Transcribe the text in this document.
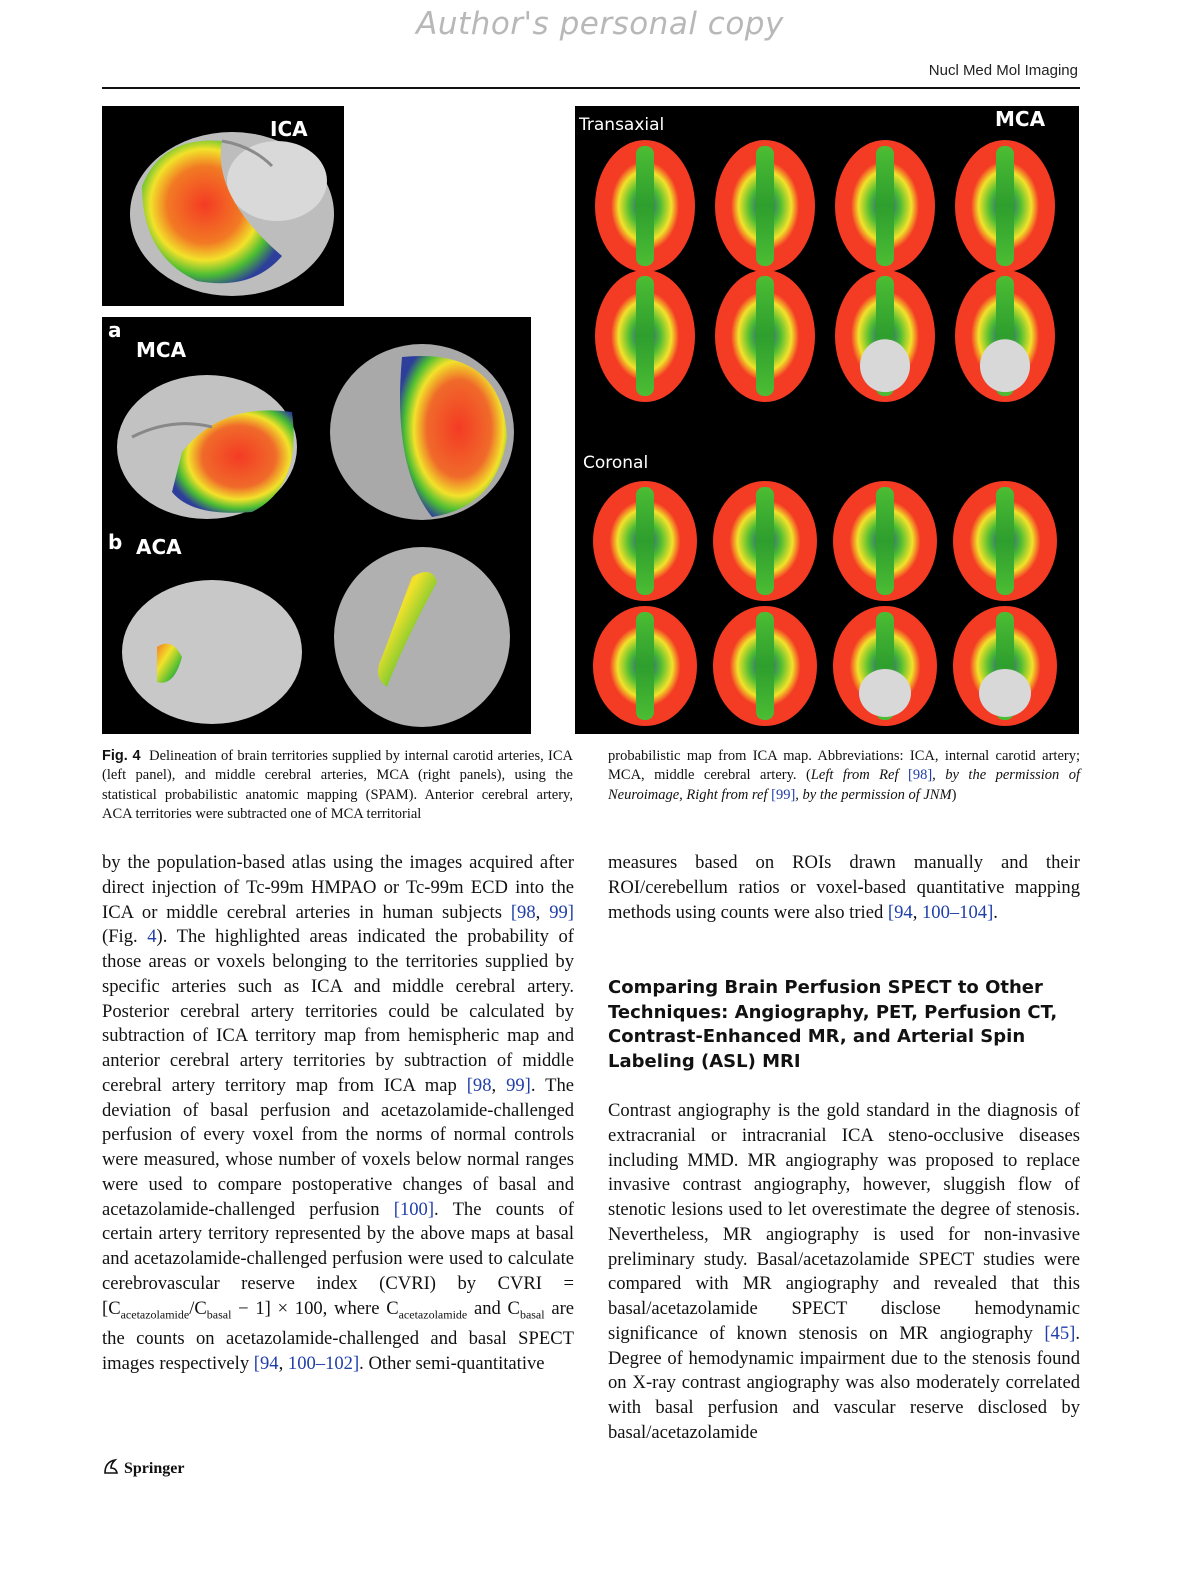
Author's personal copy
Nucl Med Mol Imaging
ICA
a
MCA
b ACA
Transaxial	MCA
Coronal
Fig. 4 Delineation of brain territories supplied by internal carotid arteries, ICA (left panel), and middle cerebral arteries, MCA (right panels), using the statistical probabilistic anatomic mapping (SPAM). Anterior cerebral artery, ACA territories were subtracted one of MCA territorial
probabilistic map from ICA map. Abbreviations: ICA, internal carotid artery; MCA, middle cerebral artery. (Left from Ref [98], by the permission of Neuroimage, Right from ref [99], by the permission of JNM)

by the population-based atlas using the images acquired after direct injection of Tc-99m HMPAO or Tc-99m ECD into the ICA or middle cerebral arteries in human subjects [98, 99] (Fig. 4). The highlighted areas indicated the probability of those areas or voxels belonging to the territories supplied by specific arteries such as ICA and middle cerebral artery. Posterior cerebral artery territories could be calculated by subtraction of ICA territory map from hemispheric map and anterior cerebral artery territories by subtraction of middle cerebral artery territory map from ICA map [98, 99]. The deviation of basal perfusion and acetazolamide-challenged perfusion of every voxel from the norms of normal controls were measured, whose number of voxels below normal ranges were used to compare postoperative changes of basal and acetazolamide-challenged perfusion [100]. The counts of certain artery territory represented by the above maps at basal and acetazolamide-challenged perfusion were used to calculate cerebrovascular reserve index (CVRI) by CVRI = $[C_{acetazolamide}/C_{basal} - 1] \times 100$, where $C_{acetazolamide}$ and $C_{basal}$ are the counts on acetazolamide-challenged and basal SPECT images respectively [94, 100–102]. Other semi-quantitative

measures based on ROIs drawn manually and their ROI/cerebellum ratios or voxel-based quantitative mapping methods using counts were also tried [94, 100–104].

Comparing Brain Perfusion SPECT to Other Techniques: Angiography, PET, Perfusion CT, Contrast-Enhanced MR, and Arterial Spin Labeling (ASL) MRI

Contrast angiography is the gold standard in the diagnosis of extracranial or intracranial ICA steno-occlusive diseases including MMD. MR angiography was proposed to replace invasive contrast angiography, however, sluggish flow of stenotic lesions used to let overestimate the degree of stenosis. Nevertheless, MR angiography is used for non-invasive preliminary study. Basal/acetazolamide SPECT studies were compared with MR angiography and revealed that this basal/acetazolamide SPECT disclose hemodynamic significance of known stenosis on MR angiography [45]. Degree of hemodynamic impairment due to the stenosis found on X-ray contrast angiography was also moderately correlated with basal perfusion and vascular reserve disclosed by basal/acetazolamide

Springer
